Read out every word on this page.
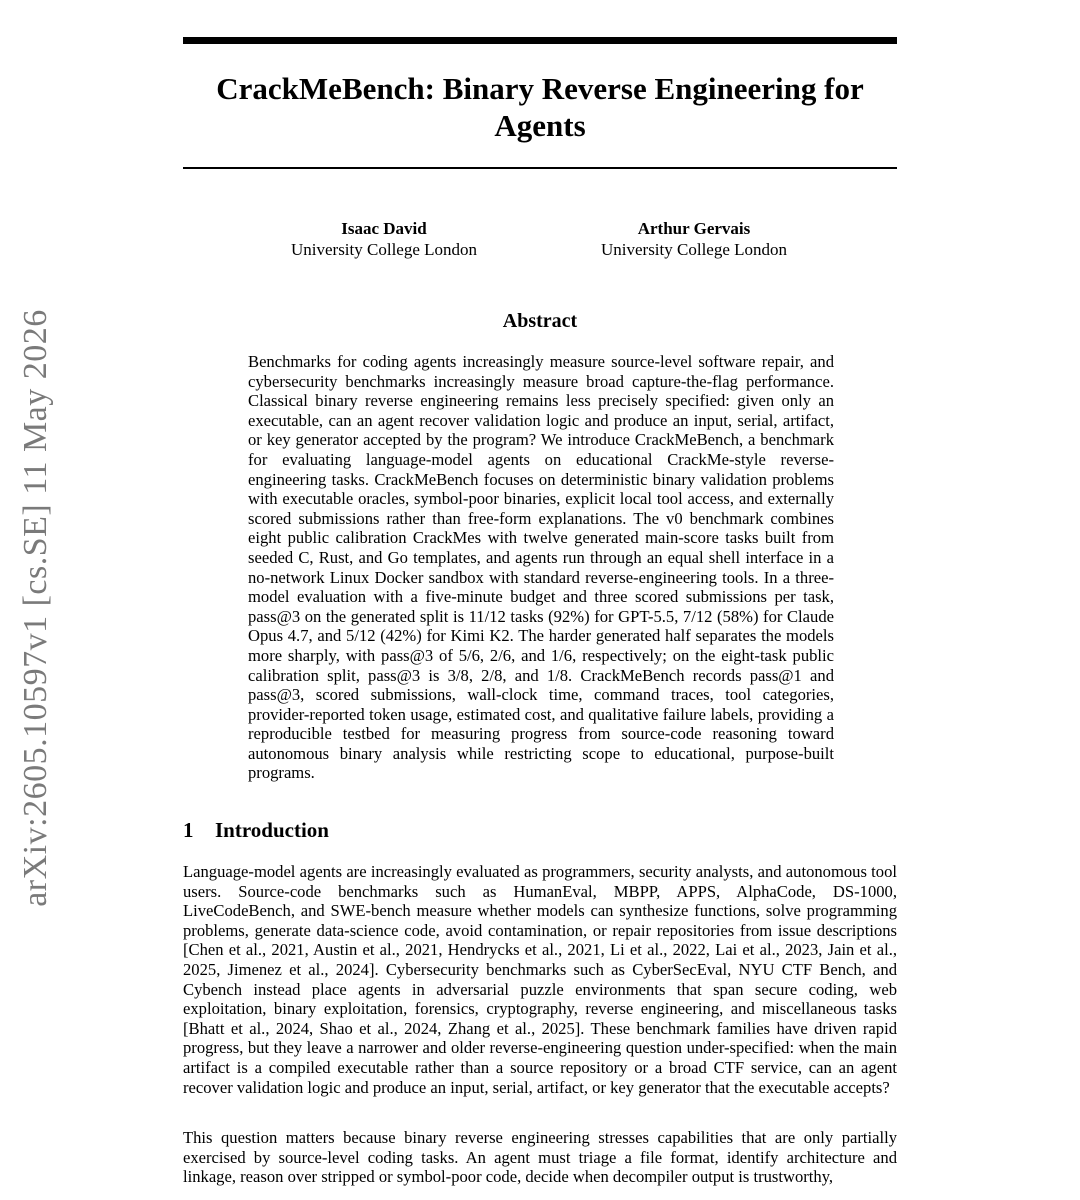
arXiv:2605.10597v1 [cs.SE] 11 May 2026
CrackMeBench: Binary Reverse Engineering for Agents
Isaac David
University College London
Arthur Gervais
University College London
Abstract
Benchmarks for coding agents increasingly measure source-level software repair, and cybersecurity benchmarks increasingly measure broad capture-the-flag performance. Classical binary reverse engineering remains less precisely specified: given only an executable, can an agent recover validation logic and produce an input, serial, artifact, or key generator accepted by the program? We introduce CrackMeBench, a benchmark for evaluating language-model agents on educational CrackMe-style reverse-engineering tasks. CrackMeBench focuses on deterministic binary validation problems with executable oracles, symbol-poor binaries, explicit local tool access, and externally scored submissions rather than free-form explanations. The v0 benchmark combines eight public calibration CrackMes with twelve generated main-score tasks built from seeded C, Rust, and Go templates, and agents run through an equal shell interface in a no-network Linux Docker sandbox with standard reverse-engineering tools. In a three-model evaluation with a five-minute budget and three scored submissions per task, pass@3 on the generated split is 11/12 tasks (92%) for GPT-5.5, 7/12 (58%) for Claude Opus 4.7, and 5/12 (42%) for Kimi K2. The harder generated half separates the models more sharply, with pass@3 of 5/6, 2/6, and 1/6, respectively; on the eight-task public calibration split, pass@3 is 3/8, 2/8, and 1/8. CrackMeBench records pass@1 and pass@3, scored submissions, wall-clock time, command traces, tool categories, provider-reported token usage, estimated cost, and qualitative failure labels, providing a reproducible testbed for measuring progress from source-code reasoning toward autonomous binary analysis while restricting scope to educational, purpose-built programs.
1 Introduction
Language-model agents are increasingly evaluated as programmers, security analysts, and autonomous tool users. Source-code benchmarks such as HumanEval, MBPP, APPS, AlphaCode, DS-1000, LiveCodeBench, and SWE-bench measure whether models can synthesize functions, solve programming problems, generate data-science code, avoid contamination, or repair repositories from issue descriptions [Chen et al., 2021, Austin et al., 2021, Hendrycks et al., 2021, Li et al., 2022, Lai et al., 2023, Jain et al., 2025, Jimenez et al., 2024]. Cybersecurity benchmarks such as CyberSecEval, NYU CTF Bench, and Cybench instead place agents in adversarial puzzle environments that span secure coding, web exploitation, binary exploitation, forensics, cryptography, reverse engineering, and miscellaneous tasks [Bhatt et al., 2024, Shao et al., 2024, Zhang et al., 2025]. These benchmark families have driven rapid progress, but they leave a narrower and older reverse-engineering question under-specified: when the main artifact is a compiled executable rather than a source repository or a broad CTF service, can an agent recover validation logic and produce an input, serial, artifact, or key generator that the executable accepts?
This question matters because binary reverse engineering stresses capabilities that are only partially exercised by source-level coding tasks. An agent must triage a file format, identify architecture and linkage, reason over stripped or symbol-poor code, decide when decompiler output is trustworthy,
